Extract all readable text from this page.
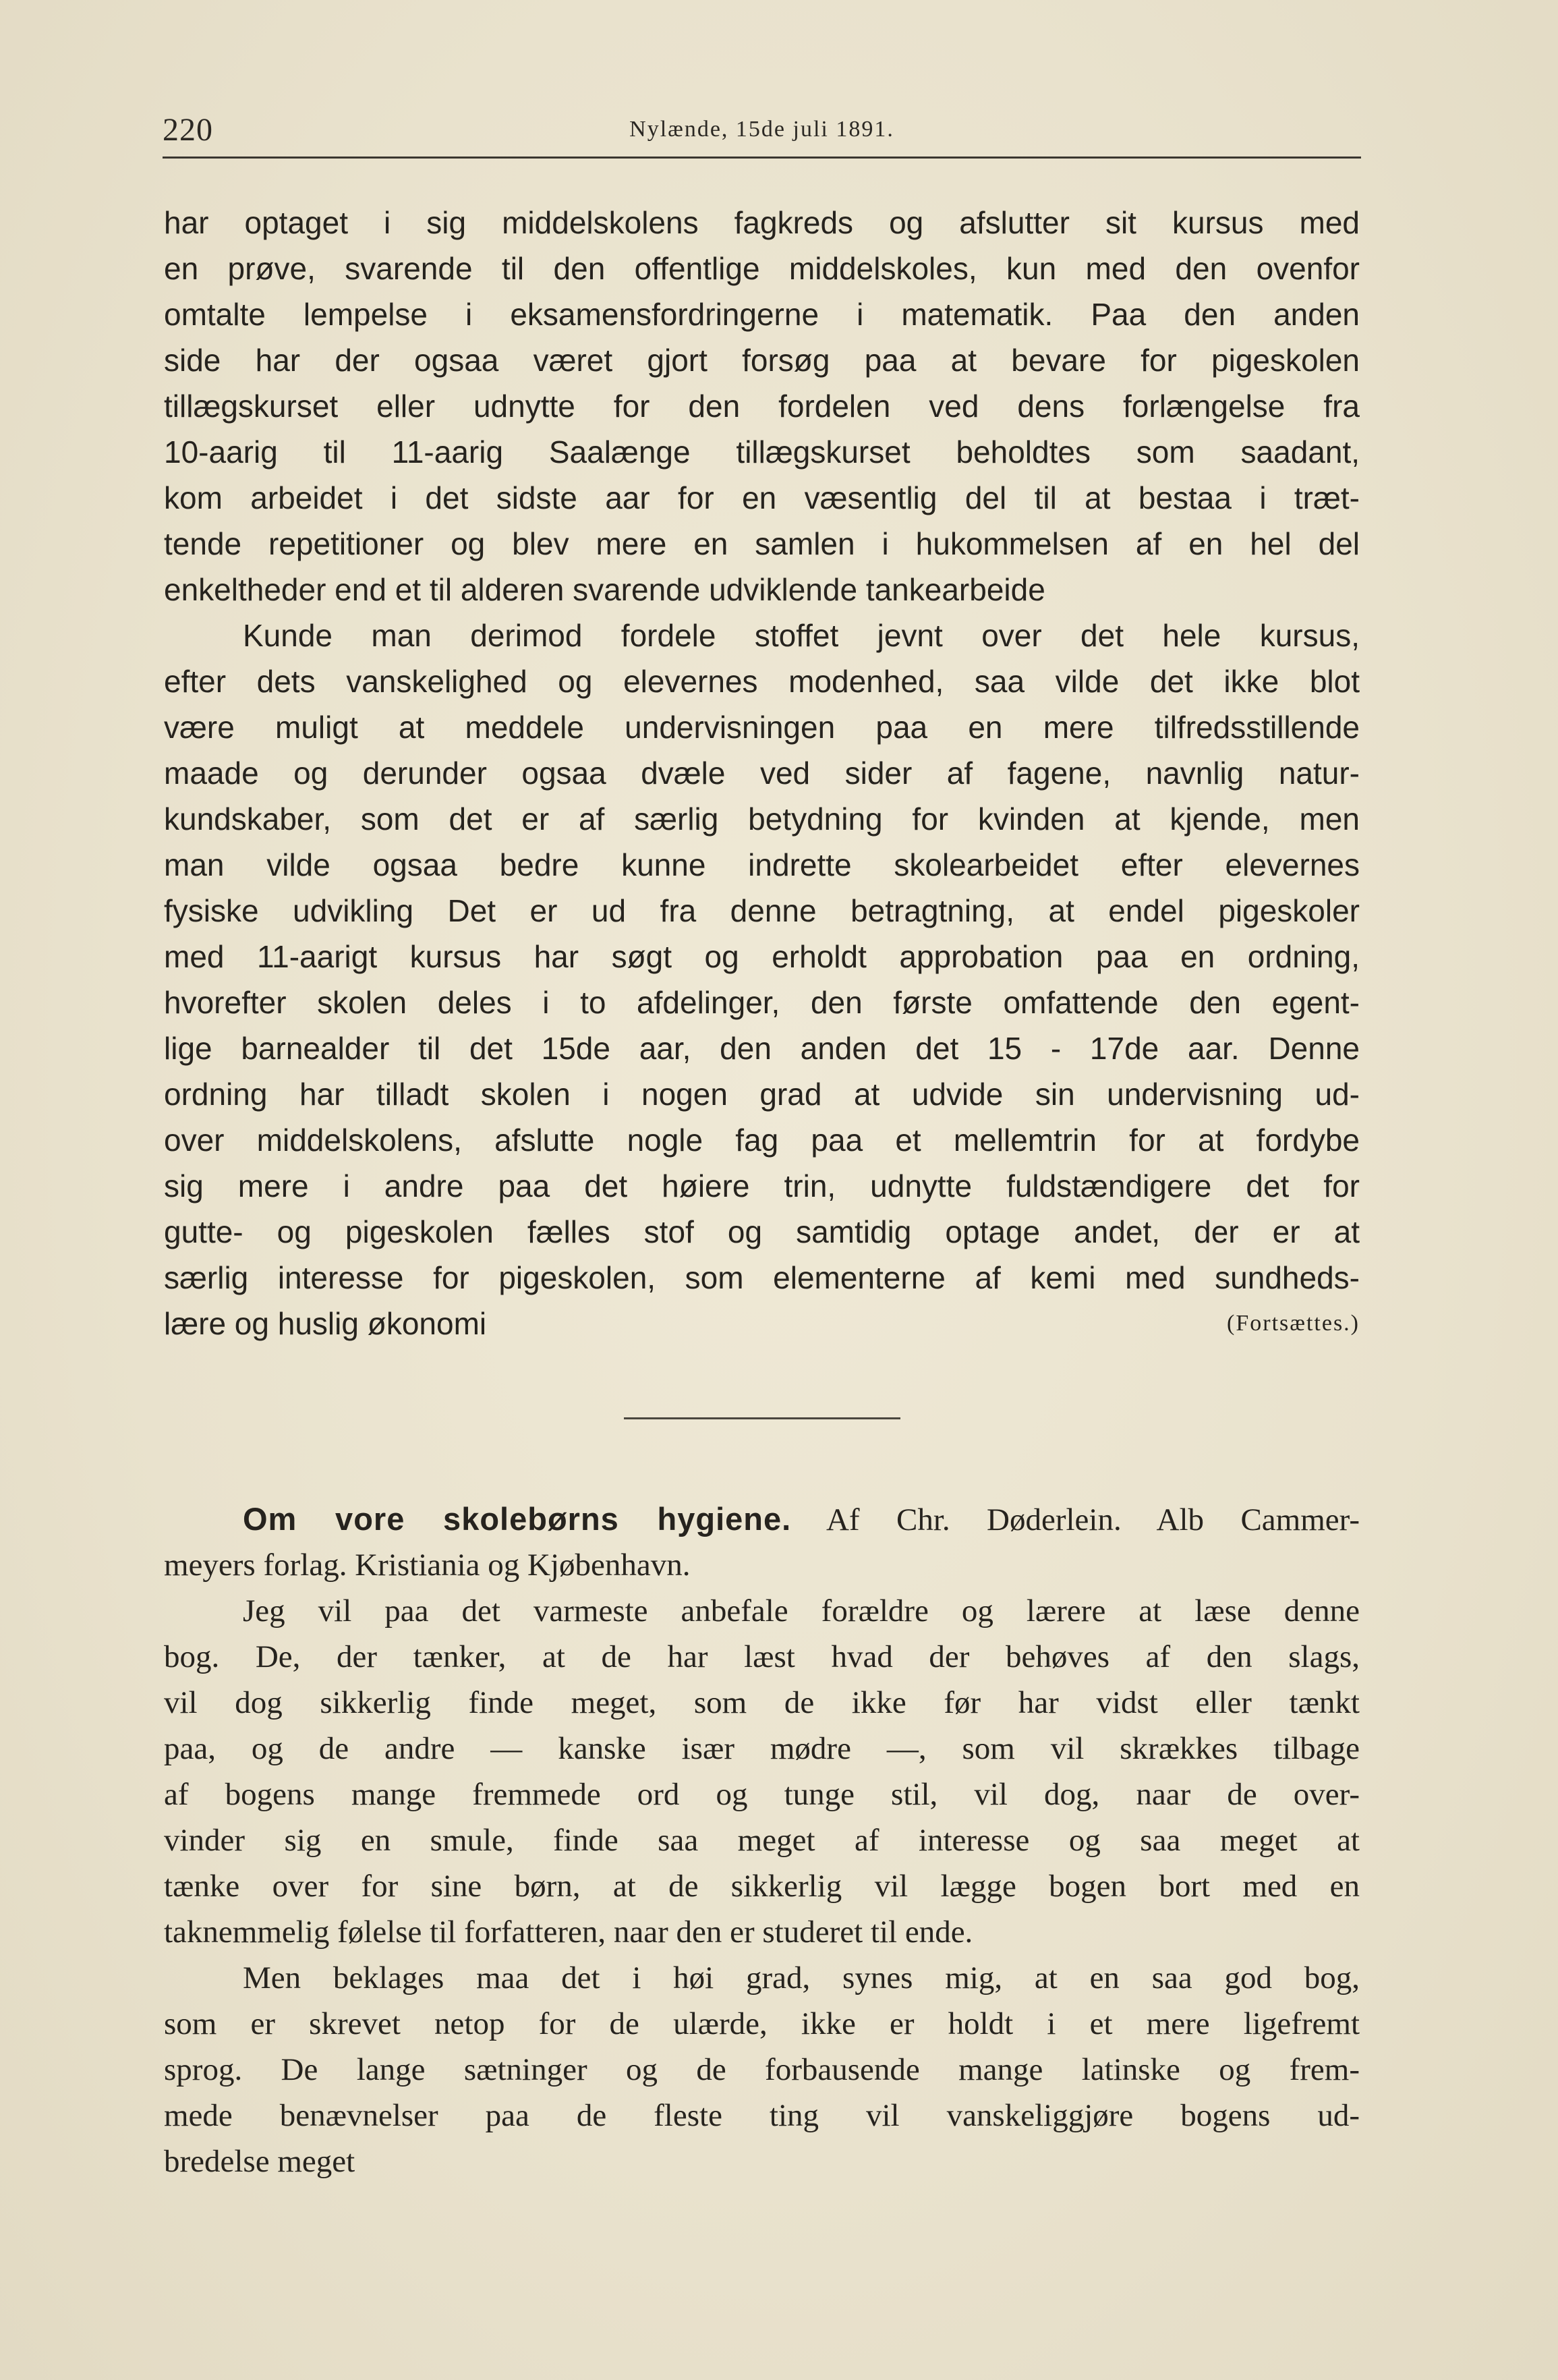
220	Nylænde, 15de juli 1891.
har optaget i sig middelskolens fagkreds og afslutter sit kursus med
en prøve, svarende til den offentlige middelskoles, kun med den ovenfor
omtalte lempelse i eksamensfordringerne i matematik. Paa den anden
side har der ogsaa været gjort forsøg paa at bevare for pigeskolen
tillægskurset eller udnytte for den fordelen ved dens forlængelse fra
10-aarig til 11-aarig Saalænge tillægskurset beholdtes som saadant,
kom arbeidet i det sidste aar for en væsentlig del til at bestaa i træt-
tende repetitioner og blev mere en samlen i hukommelsen af en hel del
enkeltheder end et til alderen svarende udviklende tankearbeide
Kunde man derimod fordele stoffet jevnt over det hele kursus,
efter dets vanskelighed og elevernes modenhed, saa vilde det ikke blot
være muligt at meddele undervisningen paa en mere tilfredsstillende
maade og derunder ogsaa dvæle ved sider af fagene, navnlig natur-
kundskaber, som det er af særlig betydning for kvinden at kjende, men
man vilde ogsaa bedre kunne indrette skolearbeidet efter elevernes
fysiske udvikling Det er ud fra denne betragtning, at endel pigeskoler
med 11-aarigt kursus har søgt og erholdt approbation paa en ordning,
hvorefter skolen deles i to afdelinger, den første omfattende den egent-
lige barnealder til det 15de aar, den anden det 15 - 17de aar. Denne
ordning har tilladt skolen i nogen grad at udvide sin undervisning ud-
over middelskolens, afslutte nogle fag paa et mellemtrin for at fordybe
sig mere i andre paa det høiere trin, udnytte fuldstændigere det for
gutte- og pigeskolen fælles stof og samtidig optage andet, der er at
særlig interesse for pigeskolen, som elementerne af kemi med sundheds-
lære og huslig økonomi	(Fortsættes.)
Om vore skolebørns hygiene. Af Chr. Døderlein. Alb Cammer-
meyers forlag. Kristiania og Kjøbenhavn.
Jeg vil paa det varmeste anbefale forældre og lærere at læse denne
bog. De, der tænker, at de har læst hvad der behøves af den slags,
vil dog sikkerlig finde meget, som de ikke før har vidst eller tænkt
paa, og de andre — kanske især mødre —, som vil skrækkes tilbage
af bogens mange fremmede ord og tunge stil, vil dog, naar de over-
vinder sig en smule, finde saa meget af interesse og saa meget at
tænke over for sine børn, at de sikkerlig vil lægge bogen bort med en
taknemmelig følelse til forfatteren, naar den er studeret til ende.
Men beklages maa det i høi grad, synes mig, at en saa god bog,
som er skrevet netop for de ulærde, ikke er holdt i et mere ligefremt
sprog. De lange sætninger og de forbausende mange latinske og frem-
mede benævnelser paa de fleste ting vil vanskeliggjøre bogens ud-
bredelse meget
